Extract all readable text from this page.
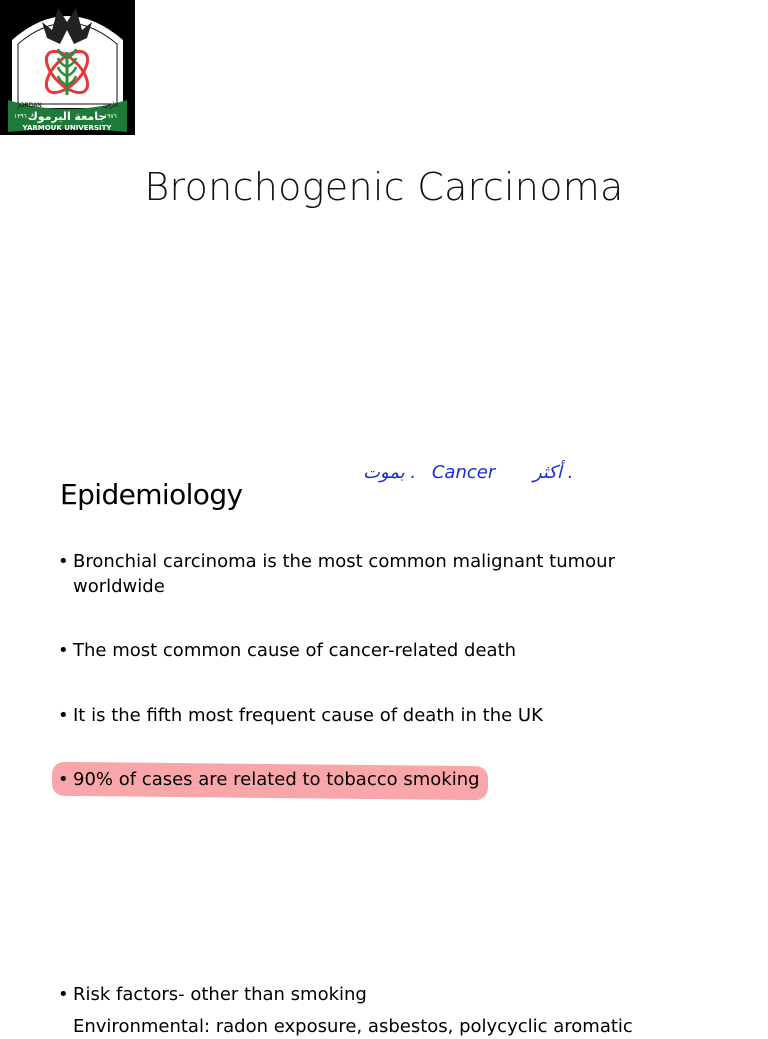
JORDAN	الأردن
١٣٩٦ جامعة اليرموك
١٩٧٦
YARMOUK UNIVERSITY
Bronchogenic Carcinoma
Epidemiology
بموت . Cancer أكثر .
• Bronchial carcinoma is the most common malignant tumour worldwide
• The most common cause of cancer-related death
• It is the fifth most frequent cause of death in the UK
• 90% of cases are related to tobacco smoking
• Risk factors- other than smoking
Environmental: radon exposure, asbestos, polycyclic aromatic
